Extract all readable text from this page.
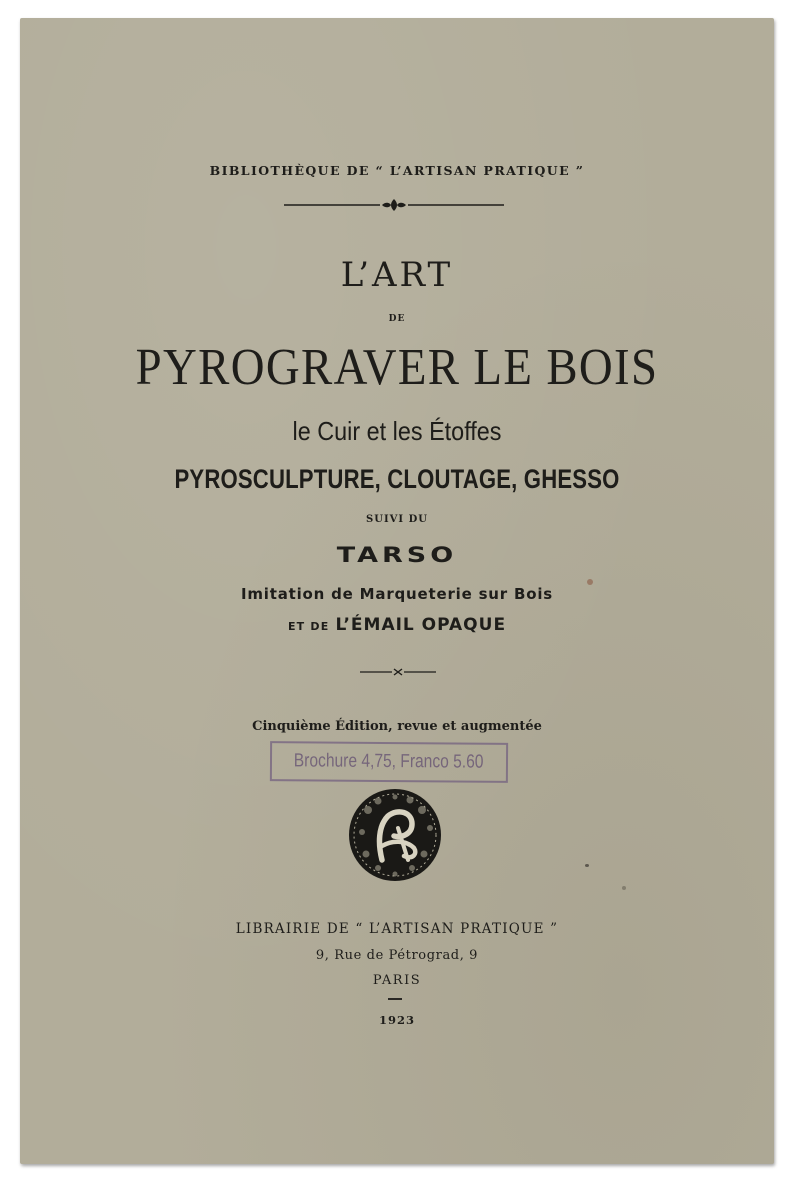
BIBLIOTHÈQUE DE “ L’ARTISAN PRATIQUE ”
L’ART
DE
PYROGRAVER LE BOIS
le Cuir et les Étoffes
PYROSCULPTURE, CLOUTAGE, GHESSO
SUIVI DU
TARSO
Imitation de Marqueterie sur Bois
ET DE L’ÉMAIL OPAQUE
Cinquième Édition, revue et augmentée
Brochure 4,75, Franco 5.60
LIBRAIRIE DE “ L’ARTISAN PRATIQUE ”
9, Rue de Pétrograd, 9
PARIS
1923
